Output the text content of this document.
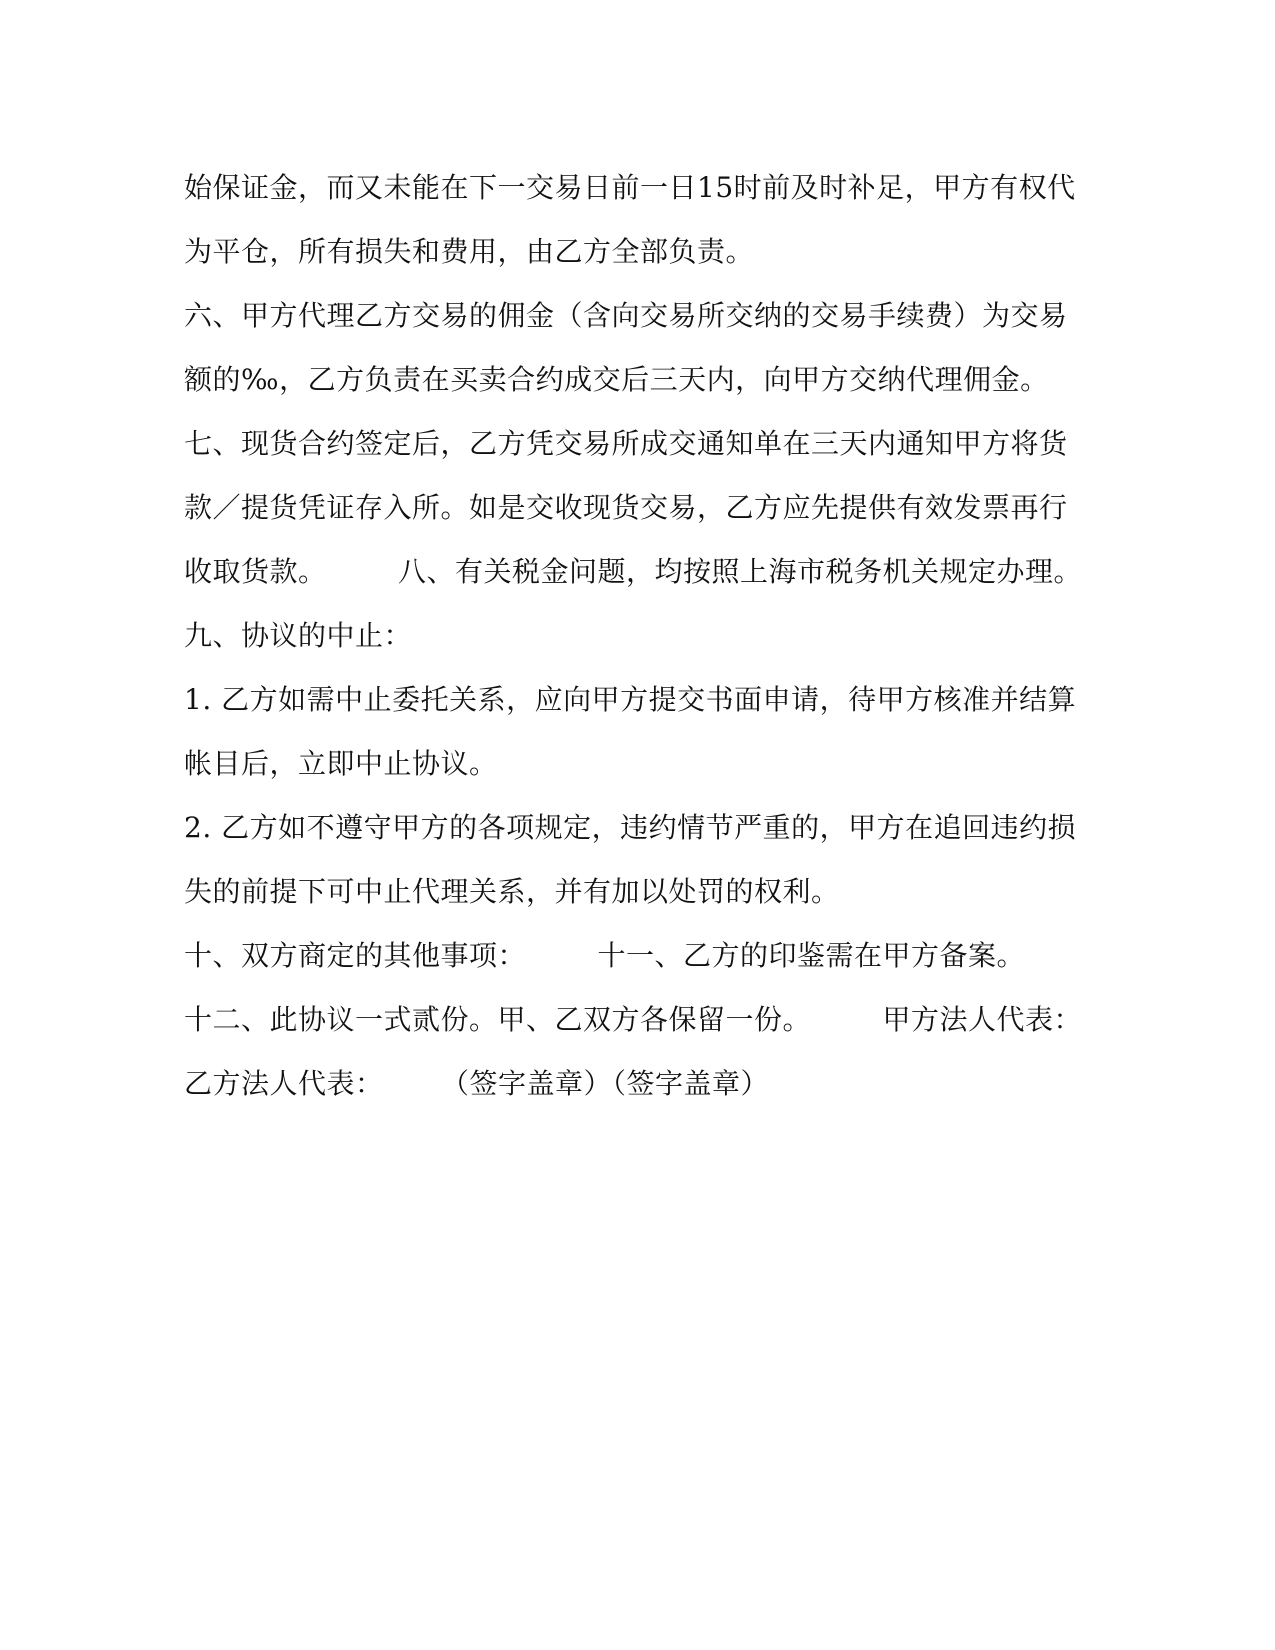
始保证金，而又未能在下一交易日前一日15时前及时补足，甲方有权代
为平仓，所有损失和费用，由乙方全部负责。
六、甲方代理乙方交易的佣金（含向交易所交纳的交易手续费）为交易
额的‰，乙方负责在买卖合约成交后三天内，向甲方交纳代理佣金。
七、现货合约签定后，乙方凭交易所成交通知单在三天内通知甲方将货
款／提货凭证存入所。如是交收现货交易，乙方应先提供有效发票再行
收取货款。　　　八、有关税金问题，均按照上海市税务机关规定办理。
九、协议的中止：
1. 乙方如需中止委托关系，应向甲方提交书面申请，待甲方核准并结算
帐目后，立即中止协议。
2. 乙方如不遵守甲方的各项规定，违约情节严重的，甲方在追回违约损
失的前提下可中止代理关系，并有加以处罚的权利。
十、双方商定的其他事项：　　　十一、乙方的印鉴需在甲方备案。
十二、此协议一式贰份。甲、乙双方各保留一份。　　　甲方法人代表：
乙方法人代表：　　　（签字盖章）（签字盖章）
